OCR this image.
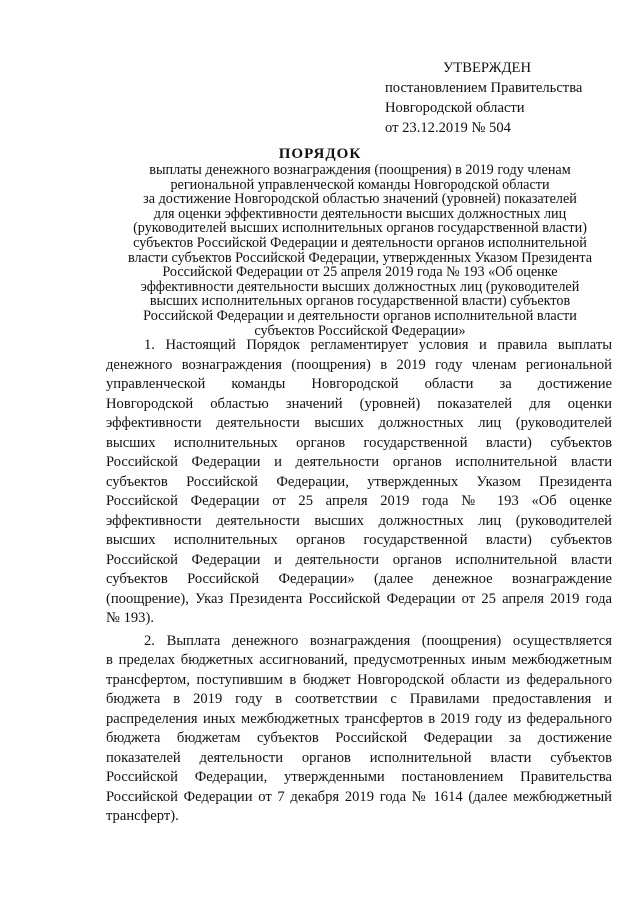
УТВЕРЖДЕН
постановлением Правительства
Новгородской области
от 23.12.2019 № 504
ПОРЯДОК
выплаты денежного вознаграждения (поощрения) в 2019 году членам
региональной управленческой команды Новгородской области
за достижение Новгородской областью значений (уровней) показателей
для оценки эффективности деятельности высших должностных лиц
(руководителей высших исполнительных органов государственной власти)
субъектов Российской Федерации и деятельности органов исполнительной
власти субъектов Российской Федерации, утвержденных Указом Президента
Российской Федерации от 25 апреля 2019 года № 193 «Об оценке
эффективности деятельности высших должностных лиц (руководителей
высших исполнительных органов государственной власти) субъектов
Российской Федерации и деятельности органов исполнительной власти
субъектов Российской Федерации»
1. Настоящий Порядок регламентирует условия и правила выплаты
денежного вознаграждения (поощрения) в 2019 году членам региональной
управленческой команды Новгородской области за достижение
Новгородской областью значений (уровней) показателей для оценки
эффективности деятельности высших должностных лиц (руководителей
высших исполнительных органов государственной власти) субъектов
Российской Федерации и деятельности органов исполнительной власти
субъектов Российской Федерации, утвержденных Указом Президента
Российской Федерации от 25 апреля 2019 года № 193 «Об оценке
эффективности деятельности высших должностных лиц (руководителей
высших исполнительных органов государственной власти) субъектов
Российской Федерации и деятельности органов исполнительной власти
субъектов Российской Федерации» (далее денежное вознаграждение
(поощрение), Указ Президента Российской Федерации от 25 апреля 2019 года
№ 193).
2. Выплата денежного вознаграждения (поощрения) осуществляется
в пределах бюджетных ассигнований, предусмотренных иным межбюджетным
трансфертом, поступившим в бюджет Новгородской области из федерального
бюджета в 2019 году в соответствии с Правилами предоставления и
распределения иных межбюджетных трансфертов в 2019 году из федерального
бюджета бюджетам субъектов Российской Федерации за достижение
показателей деятельности органов исполнительной власти субъектов
Российской Федерации, утвержденными постановлением Правительства
Российской Федерации от 7 декабря 2019 года № 1614 (далее межбюджетный
трансферт).
